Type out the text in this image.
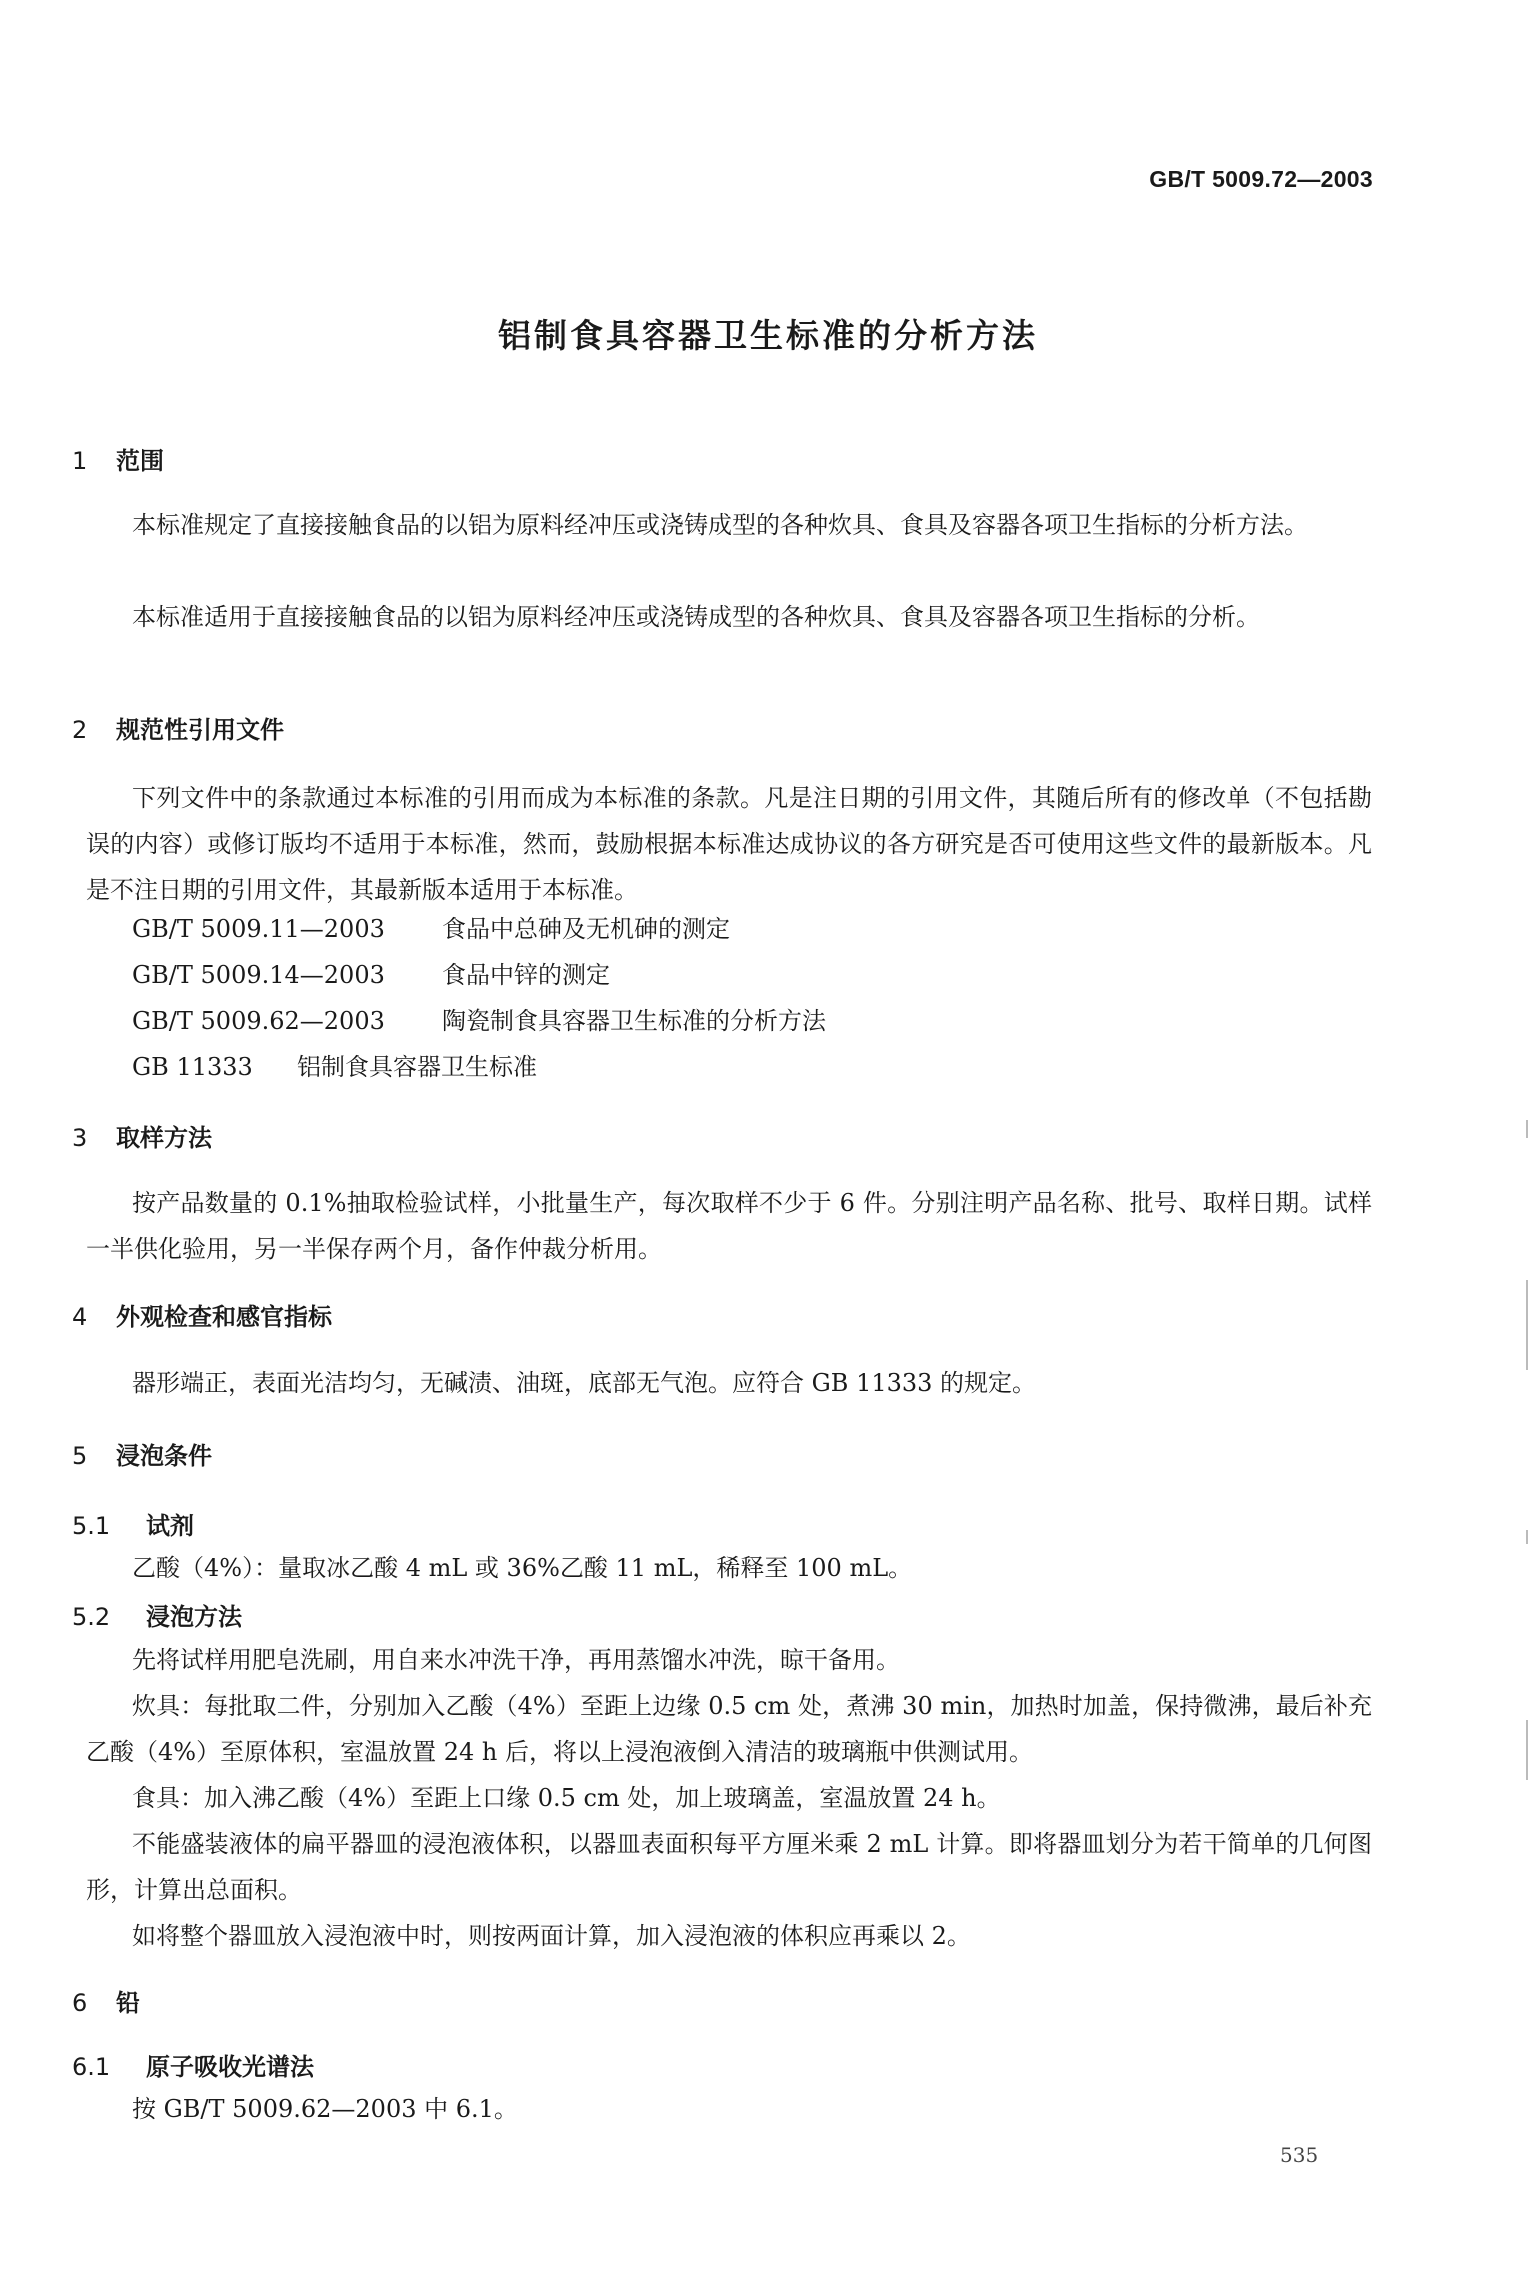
GB/T 5009.72—2003
铝制食具容器卫生标准的分析方法
1 范围
本标准规定了直接接触食品的以铝为原料经冲压或浇铸成型的各种炊具、食具及容器各项卫生指标的分析方法。
本标准适用于直接接触食品的以铝为原料经冲压或浇铸成型的各种炊具、食具及容器各项卫生指标的分析。
2 规范性引用文件
下列文件中的条款通过本标准的引用而成为本标准的条款。凡是注日期的引用文件，其随后所有的修改单（不包括勘误的内容）或修订版均不适用于本标准，然而，鼓励根据本标准达成协议的各方研究是否可使用这些文件的最新版本。凡是不注日期的引用文件，其最新版本适用于本标准。
GB/T 5009.11—2003 食品中总砷及无机砷的测定
GB/T 5009.14—2003 食品中锌的测定
GB/T 5009.62—2003 陶瓷制食具容器卫生标准的分析方法
GB 11333 铝制食具容器卫生标准
3 取样方法
按产品数量的 0.1%抽取检验试样，小批量生产，每次取样不少于 6 件。分别注明产品名称、批号、取样日期。试样一半供化验用，另一半保存两个月，备作仲裁分析用。
4 外观检查和感官指标
器形端正，表面光洁均匀，无碱渍、油斑，底部无气泡。应符合 GB 11333 的规定。
5 浸泡条件
5.1 试剂
乙酸（4%）：量取冰乙酸 4 mL 或 36%乙酸 11 mL，稀释至 100 mL。
5.2 浸泡方法
先将试样用肥皂洗刷，用自来水冲洗干净，再用蒸馏水冲洗，晾干备用。
炊具：每批取二件，分别加入乙酸（4%）至距上边缘 0.5 cm 处，煮沸 30 min，加热时加盖，保持微沸，最后补充乙酸（4%）至原体积，室温放置 24 h 后，将以上浸泡液倒入清洁的玻璃瓶中供测试用。
食具：加入沸乙酸（4%）至距上口缘 0.5 cm 处，加上玻璃盖，室温放置 24 h。
不能盛装液体的扁平器皿的浸泡液体积，以器皿表面积每平方厘米乘 2 mL 计算。即将器皿划分为若干简单的几何图形，计算出总面积。
如将整个器皿放入浸泡液中时，则按两面计算，加入浸泡液的体积应再乘以 2。
6 铅
6.1 原子吸收光谱法
按 GB/T 5009.62—2003 中 6.1。
535
